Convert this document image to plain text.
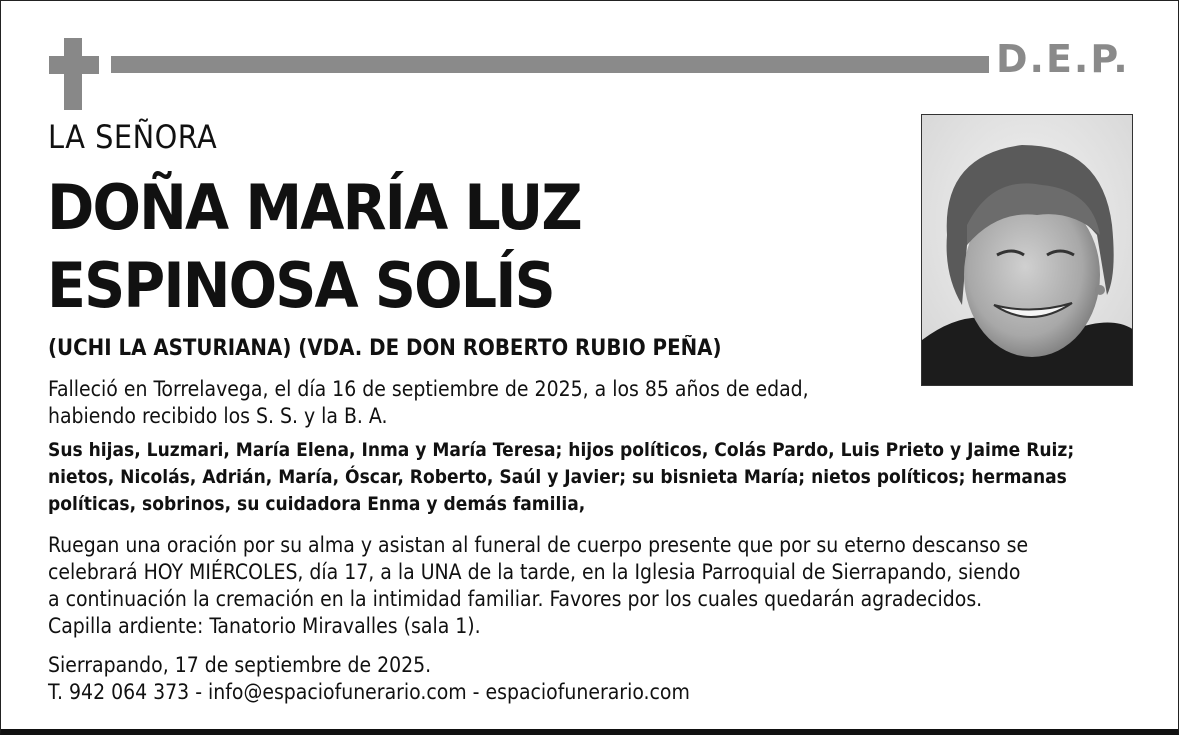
D.E.P.
LA SEÑORA
DOÑA MARÍA LUZ
ESPINOSA SOLÍS
(UCHI LA ASTURIANA) (VDA. DE DON ROBERTO RUBIO PEÑA)
Falleció en Torrelavega, el día 16 de septiembre de 2025, a los 85 años de edad,
habiendo recibido los S. S. y la B. A.
Sus hijas, Luzmari, María Elena, Inma y María Teresa; hijos políticos, Colás Pardo, Luis Prieto y Jaime Ruiz;
nietos, Nicolás, Adrián, María, Óscar, Roberto, Saúl y Javier; su bisnieta María; nietos políticos; hermanas
políticas, sobrinos, su cuidadora Enma y demás familia,
Ruegan una oración por su alma y asistan al funeral de cuerpo presente que por su eterno descanso se
celebrará HOY MIÉRCOLES, día 17, a la UNA de la tarde, en la Iglesia Parroquial de Sierrapando, siendo
a continuación la cremación en la intimidad familiar. Favores por los cuales quedarán agradecidos.
Capilla ardiente: Tanatorio Miravalles (sala 1).
Sierrapando, 17 de septiembre de 2025.
T. 942 064 373 - info@espaciofunerario.com - espaciofunerario.com
